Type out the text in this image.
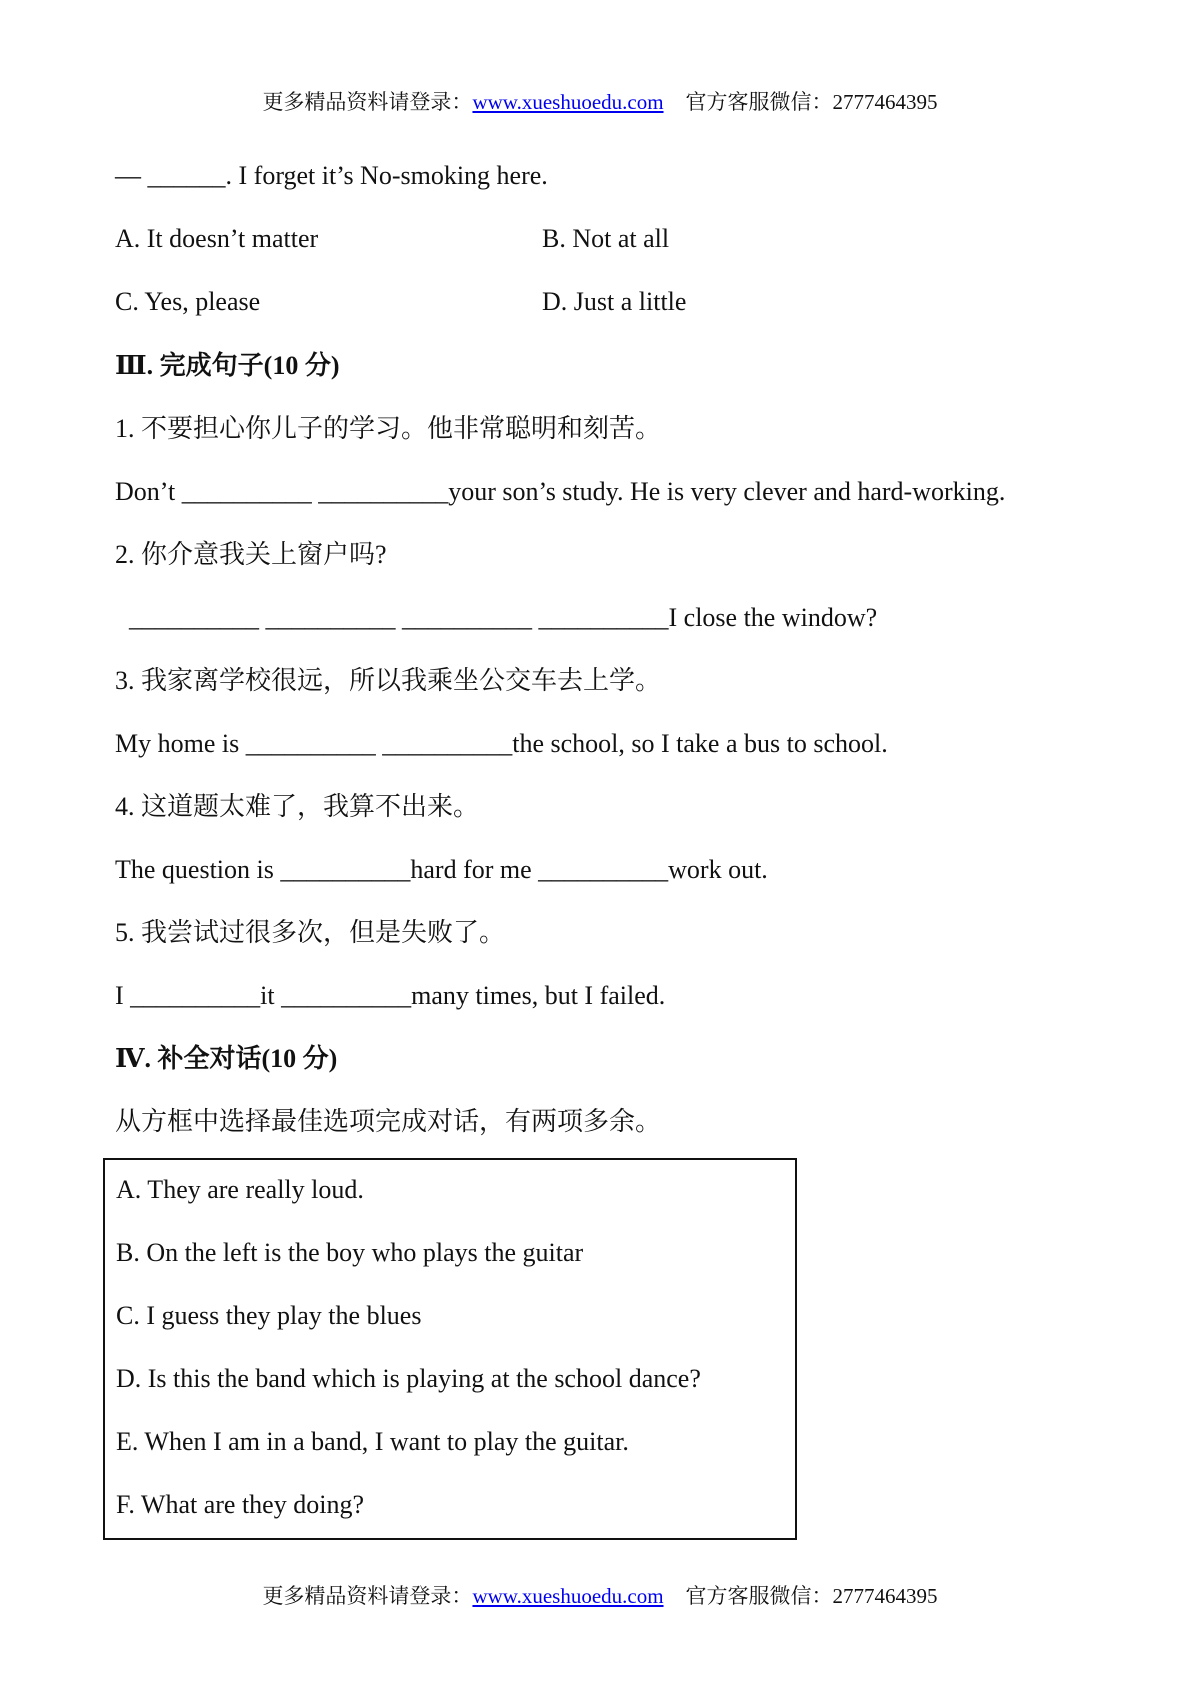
更多精品资料请登录：www.xueshuoedu.com 官方客服微信：2777464395
— ______. I forget it’s No-smoking here.
A. It doesn’t matter	B. Not at all
C. Yes, please	D. Just a little
Ⅲ. 完成句子(10 分)
1. 不要担心你儿子的学习。他非常聪明和刻苦。
Don’t __________ __________your son’s study. He is very clever and hard-working.
2. 你介意我关上窗户吗?
__________ __________ __________ __________I close the window?
3. 我家离学校很远，所以我乘坐公交车去上学。
My home is __________ __________the school, so I take a bus to school.
4. 这道题太难了，我算不出来。
The question is __________hard for me __________work out.
5. 我尝试过很多次，但是失败了。
I __________it __________many times, but I failed.
Ⅳ. 补全对话(10 分)
从方框中选择最佳选项完成对话，有两项多余。
A. They are really loud.
B. On the left is the boy who plays the guitar
C. I guess they play the blues
D. Is this the band which is playing at the school dance?
E. When I am in a band, I want to play the guitar.
F. What are they doing?
更多精品资料请登录：www.xueshuoedu.com 官方客服微信：2777464395
